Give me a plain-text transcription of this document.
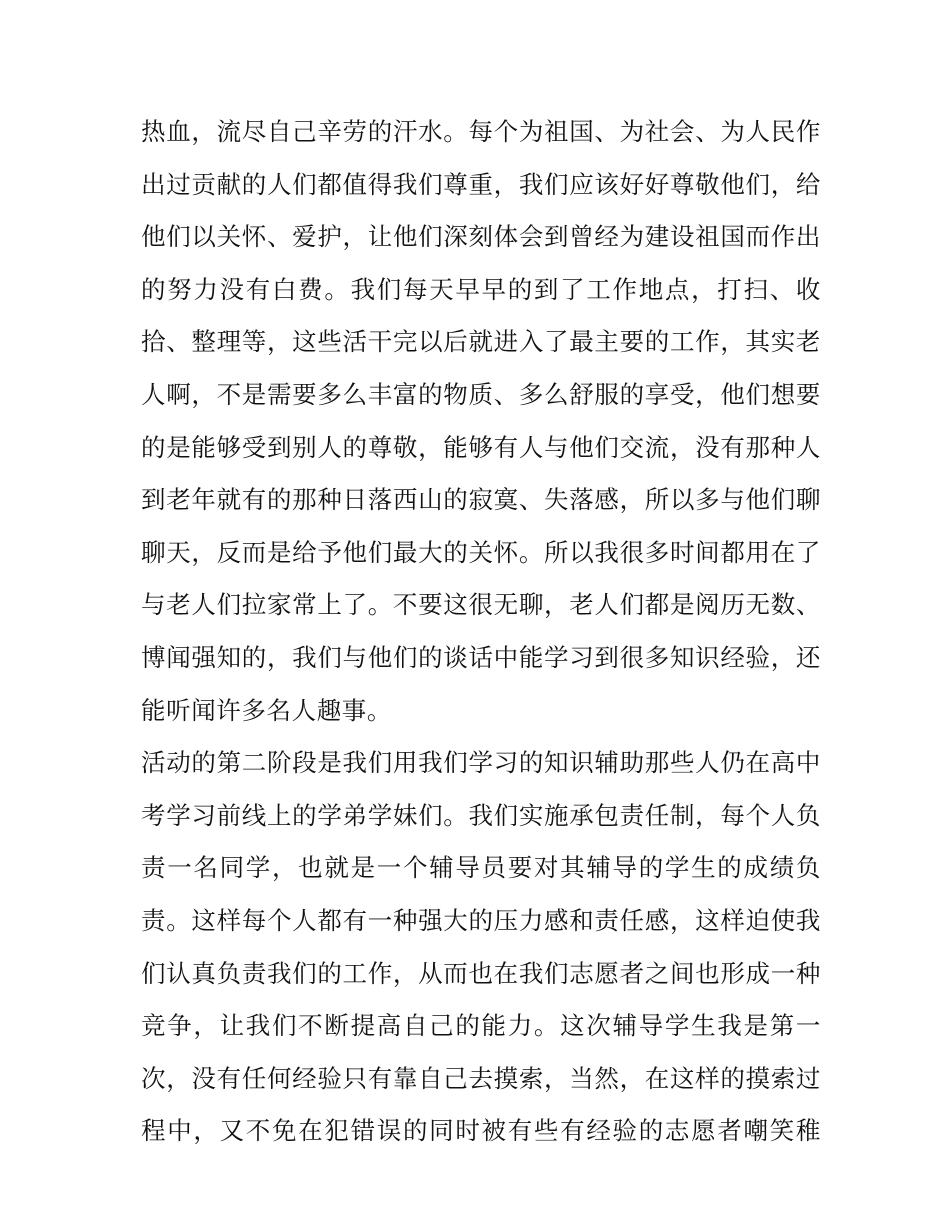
热血，流尽自己辛劳的汗水。每个为祖国、为社会、为人民作
出过贡献的人们都值得我们尊重，我们应该好好尊敬他们，给
他们以关怀、爱护，让他们深刻体会到曾经为建设祖国而作出
的努力没有白费。我们每天早早的到了工作地点，打扫、收
拾、整理等，这些活干完以后就进入了最主要的工作，其实老
人啊，不是需要多么丰富的物质、多么舒服的享受，他们想要
的是能够受到别人的尊敬，能够有人与他们交流，没有那种人
到老年就有的那种日落西山的寂寞、失落感，所以多与他们聊
聊天，反而是给予他们最大的关怀。所以我很多时间都用在了
与老人们拉家常上了。不要这很无聊，老人们都是阅历无数、
博闻强知的，我们与他们的谈话中能学习到很多知识经验，还
能听闻许多名人趣事。
活动的第二阶段是我们用我们学习的知识辅助那些人仍在高中
考学习前线上的学弟学妹们。我们实施承包责任制，每个人负
责一名同学，也就是一个辅导员要对其辅导的学生的成绩负
责。这样每个人都有一种强大的压力感和责任感，这样迫使我
们认真负责我们的工作，从而也在我们志愿者之间也形成一种
竞争，让我们不断提高自己的能力。这次辅导学生我是第一
次，没有任何经验只有靠自己去摸索，当然，在这样的摸索过
程中，又不免在犯错误的同时被有些有经验的志愿者嘲笑稚
